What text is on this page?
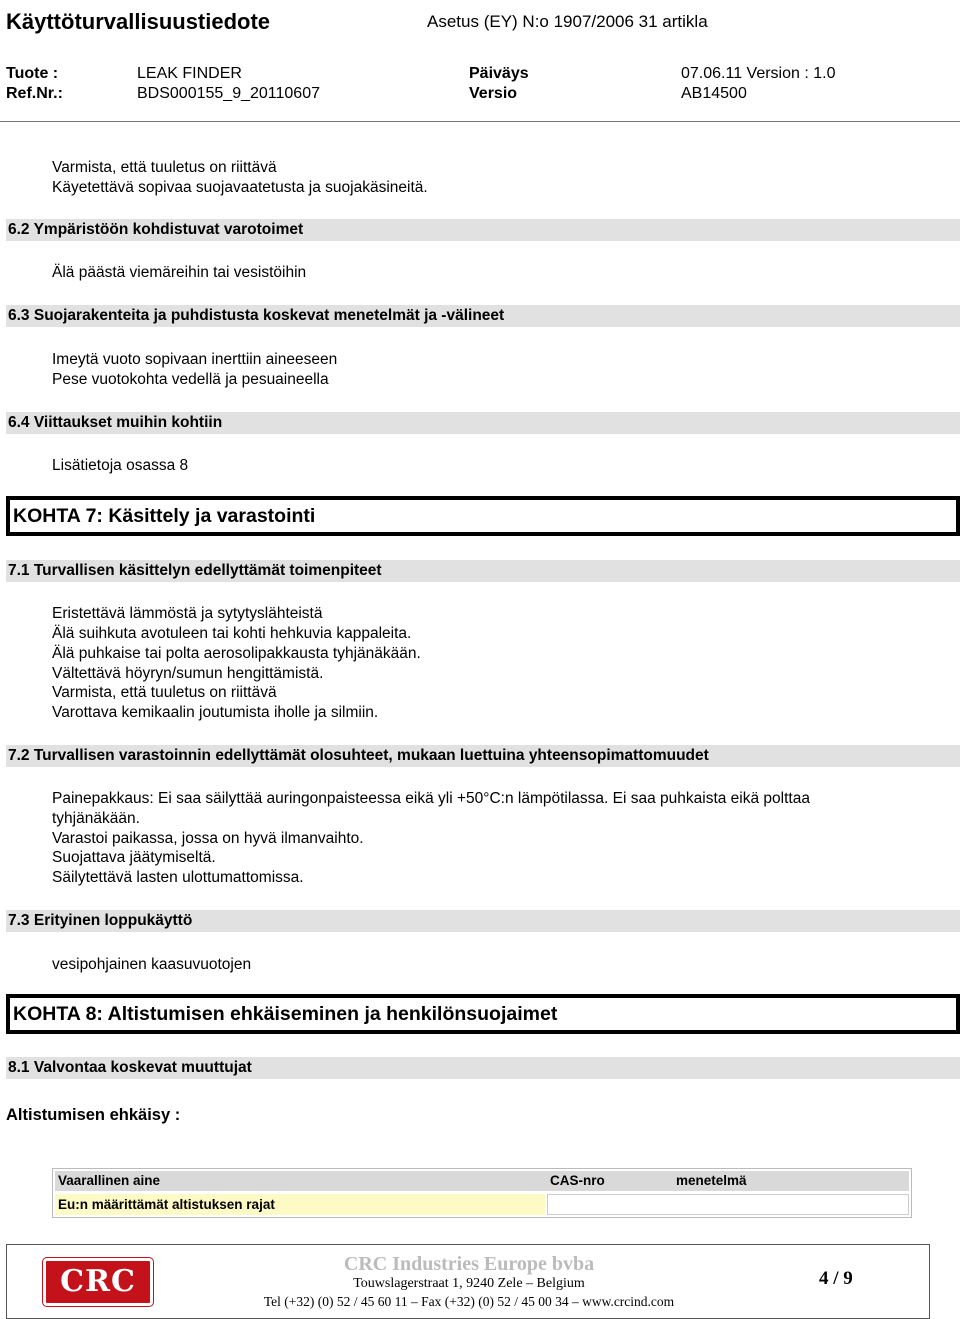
Käyttöturvallisuustiedote	Asetus (EY) N:o 1907/2006 31 artikla
Tuote :	LEAK FINDER	Päiväys	07.06.11 Version : 1.0
Ref.Nr.:	BDS000155_9_20110607	Versio	AB14500
Varmista, että tuuletus on riittävä
Käyetettävä sopivaa suojavaatetusta ja suojakäsineitä.
6.2 Ympäristöön kohdistuvat varotoimet
Älä päästä viemäreihin tai vesistöihin
6.3 Suojarakenteita ja puhdistusta koskevat menetelmät ja -välineet
Imeytä vuoto sopivaan inerttiin aineeseen
Pese vuotokohta vedellä ja pesuaineella
6.4 Viittaukset muihin kohtiin
Lisätietoja osassa 8
KOHTA 7: Käsittely ja varastointi
7.1 Turvallisen käsittelyn edellyttämät toimenpiteet
Eristettävä lämmöstä ja sytytyslähteistä
Älä suihkuta avotuleen tai kohti hehkuvia kappaleita.
Älä puhkaise tai polta aerosolipakkausta tyhjänäkään.
Vältettävä höyryn/sumun hengittämistä.
Varmista, että tuuletus on riittävä
Varottava kemikaalin joutumista iholle ja silmiin.
7.2 Turvallisen varastoinnin edellyttämät olosuhteet, mukaan luettuina yhteensopimattomuudet
Painepakkaus: Ei saa säilyttää auringonpaisteessa eikä yli +50°C:n lämpötilassa. Ei saa puhkaista eikä polttaa
tyhjänäkään.
Varastoi paikassa, jossa on hyvä ilmanvaihto.
Suojattava jäätymiseltä.
Säilytettävä lasten ulottumattomissa.
7.3 Erityinen loppukäyttö
vesipohjainen kaasuvuotojen
KOHTA 8: Altistumisen ehkäiseminen ja henkilönsuojaimet
8.1 Valvontaa koskevat muuttujat
Altistumisen ehkäisy :
Vaarallinen aine	CAS-nro	menetelmä
Eu:n määrittämät altistuksen rajat
CRC	CRC Industries Europe bvba
Touwslagerstraat 1, 9240 Zele – Belgium
Tel (+32) (0) 52 / 45 60 11 – Fax (+32) (0) 52 / 45 00 34 – www.crcind.com
4 / 9
